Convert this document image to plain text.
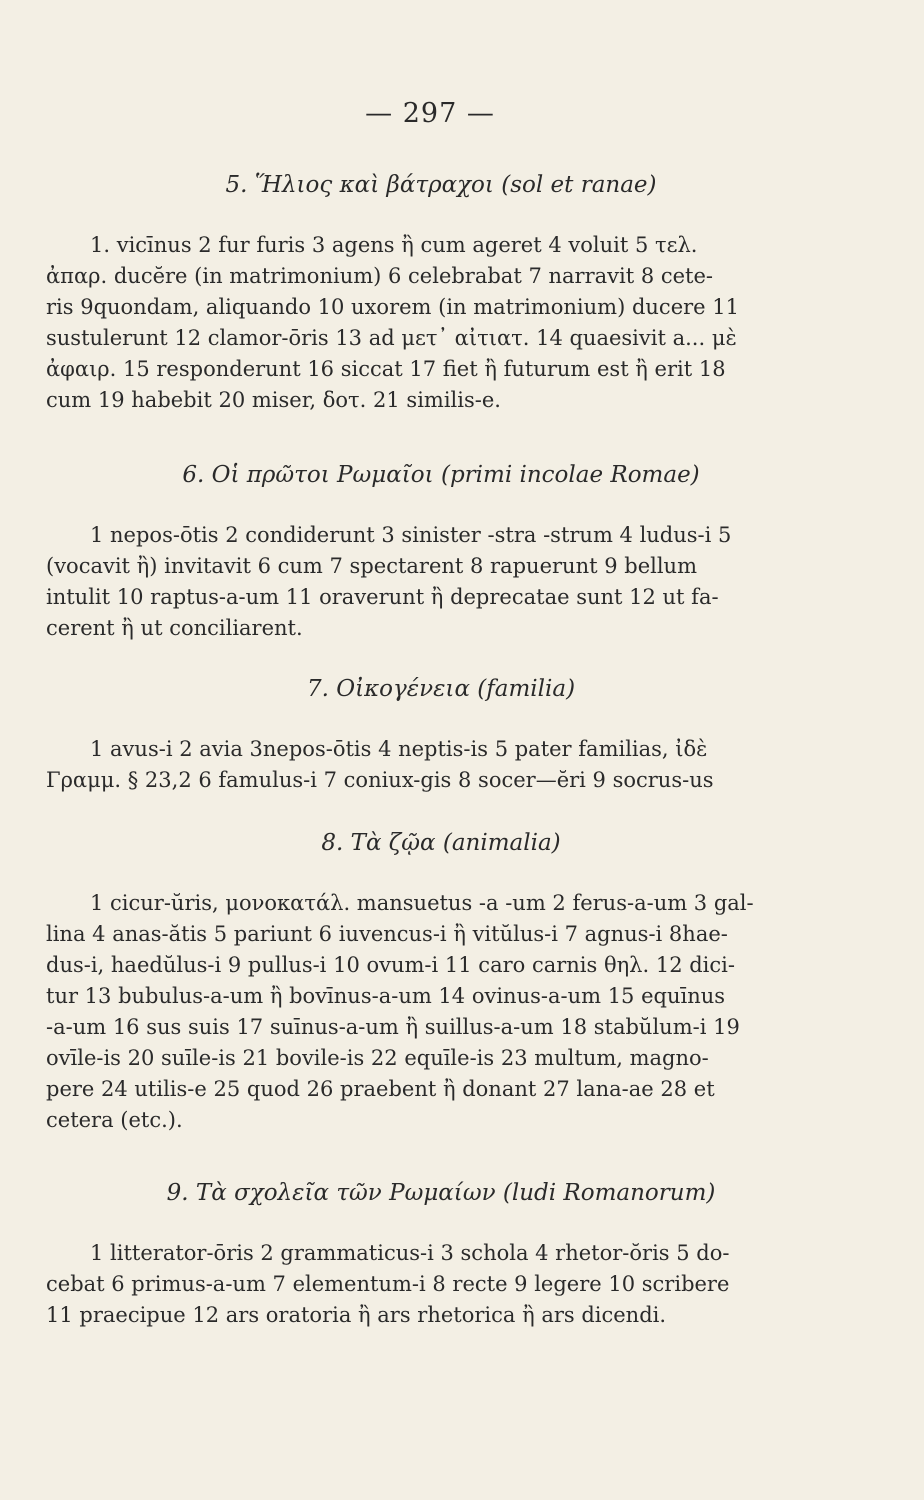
— 297 —
5. Ἥλιος καὶ βάτραχοι (sol et ranae)
1. vicīnus 2 fur furis 3 agens ἢ cum ageret 4 voluit 5 τελ.
ἀπαρ. ducĕre (in matrimonium) 6 celebrabat 7 narravit 8 cete-
ris 9quondam, aliquando 10 uxorem (in matrimonium) ducere 11
sustulerunt 12 clamor-ōris 13 ad μετ᾽ αἰτιατ. 14 quaesivit a... μὲ
ἀφαιρ. 15 responderunt 16 siccat 17 fiet ἢ futurum est ἢ erit 18
cum 19 habebit 20 miser, δοτ. 21 similis-e.
6. Οἱ πρῶτοι Ρωμαῖοι (primi incolae Romae)
1 nepos-ōtis 2 condiderunt 3 sinister -stra -strum 4 ludus-i 5
(vocavit ἢ) invitavit 6 cum 7 spectarent 8 rapuerunt 9 bellum
intulit 10 raptus-a-um 11 oraverunt ἢ deprecatae sunt 12 ut fa-
cerent ἢ ut conciliarent.
7. Οἰκογένεια (familia)
1 avus-i 2 avia 3nepos-ōtis 4 neptis-is 5 pater familias, ἰδὲ
Γραμμ. § 23,2 6 famulus-i 7 coniux-gis 8 socer—ĕri 9 socrus-us
8. Τὰ ζῷα (animalia)
1 cicur-ŭris, μονοκατάλ. mansuetus -a -um 2 ferus-a-um 3 gal-
lina 4 anas-ătis 5 pariunt 6 iuvencus-i ἢ vitŭlus-i 7 agnus-i 8hae-
dus-i, haedŭlus-i 9 pullus-i 10 ovum-i 11 caro carnis θηλ. 12 dici-
tur 13 bubulus-a-um ἢ bovīnus-a-um 14 ovinus-a-um 15 equīnus
-a-um 16 sus suis 17 suīnus-a-um ἢ suillus-a-um 18 stabŭlum-i 19
ovīle-is 20 suīle-is 21 bovile-is 22 equīle-is 23 multum, magno-
pere 24 utilis-e 25 quod 26 praebent ἢ donant 27 lana-ae 28 et
cetera (etc.).
9. Τὰ σχολεῖα τῶν Ρωμαίων (ludi Romanorum)
1 litterator-ōris 2 grammaticus-i 3 schola 4 rhetor-ŏris 5 do-
cebat 6 primus-a-um 7 elementum-i 8 recte 9 legere 10 scribere
11 praecipue 12 ars oratoria ἢ ars rhetorica ἢ ars dicendi.
